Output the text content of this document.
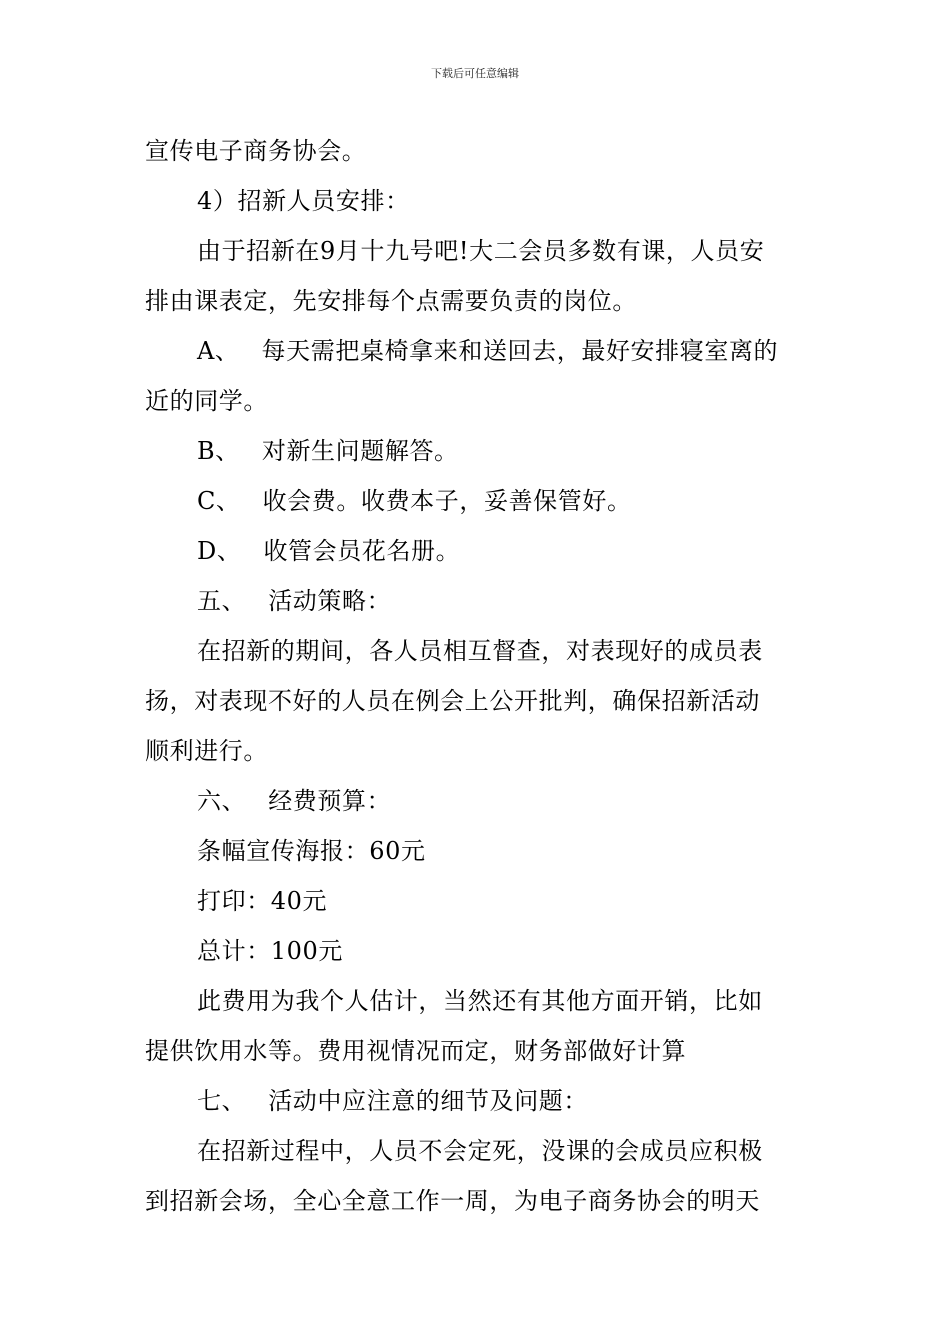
下载后可任意编辑

宣传电子商务协会。

4）招新人员安排：

由于招新在9月十九号吧!大二会员多数有课，人员安

排由课表定，先安排每个点需要负责的岗位。

A、 每天需把桌椅拿来和送回去，最好安排寝室离的

近的同学。

B、 对新生问题解答。

C、 收会费。收费本子，妥善保管好。

D、 收管会员花名册。

五、 活动策略：

在招新的期间，各人员相互督查，对表现好的成员表

扬，对表现不好的人员在例会上公开批判，确保招新活动

顺利进行。

六、 经费预算：

条幅宣传海报：60元

打印：40元

总计：100元

此费用为我个人估计，当然还有其他方面开销，比如

提供饮用水等。费用视情况而定，财务部做好计算

七、 活动中应注意的细节及问题：

在招新过程中，人员不会定死，没课的会成员应积极

到招新会场，全心全意工作一周，为电子商务协会的明天
